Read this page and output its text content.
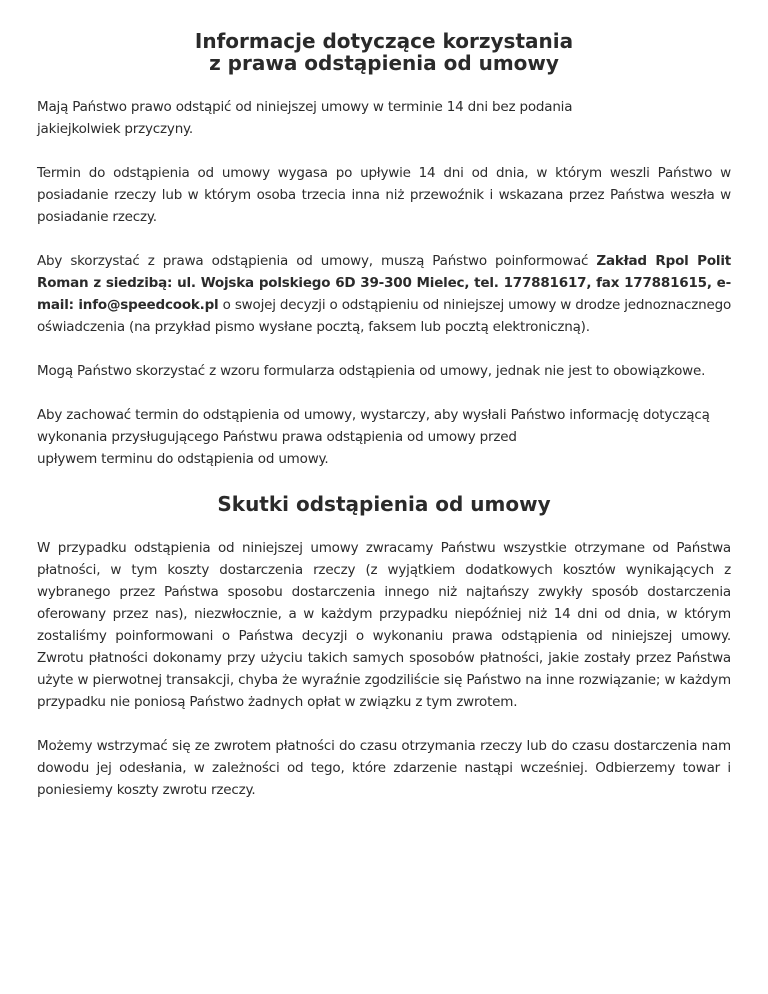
Informacje dotyczące korzystania
z prawa odstąpienia od umowy

Mają Państwo prawo odstąpić od niniejszej umowy w terminie 14 dni bez podania
jakiejkolwiek przyczyny.

Termin do odstąpienia od umowy wygasa po upływie 14 dni od dnia, w którym weszli Państwo w posiadanie rzeczy lub w którym osoba trzecia inna niż przewoźnik i wskazana przez Państwa weszła w posiadanie rzeczy.

Aby skorzystać z prawa odstąpienia od umowy, muszą Państwo poinformować Zakład Rpol Polit Roman z siedzibą: ul. Wojska polskiego 6D 39-300 Mielec, tel. 177881617, fax 177881615, e-mail: info@speedcook.pl o swojej decyzji o odstąpieniu od niniejszej umowy w drodze jednoznacznego oświadczenia (na przykład pismo wysłane pocztą, faksem lub pocztą elektroniczną).

Mogą Państwo skorzystać z wzoru formularza odstąpienia od umowy, jednak nie jest to obowiązkowe.

Aby zachować termin do odstąpienia od umowy, wystarczy, aby wysłali Państwo informację dotyczącą
wykonania przysługującego Państwu prawa odstąpienia od umowy przed
upływem terminu do odstąpienia od umowy.

Skutki odstąpienia od umowy

W przypadku odstąpienia od niniejszej umowy zwracamy Państwu wszystkie otrzymane od Państwa płatności, w tym koszty dostarczenia rzeczy (z wyjątkiem dodatkowych kosztów wynikających z wybranego przez Państwa sposobu dostarczenia innego niż najtańszy zwykły sposób dostarczenia oferowany przez nas), niezwłocznie, a w każdym przypadku niepóźniej niż 14 dni od dnia, w którym zostaliśmy poinformowani o Państwa decyzji o wykonaniu prawa odstąpienia od niniejszej umowy. Zwrotu płatności dokonamy przy użyciu takich samych sposobów płatności, jakie zostały przez Państwa użyte w pierwotnej transakcji, chyba że wyraźnie zgodziliście się Państwo na inne rozwiązanie; w każdym przypadku nie poniosą Państwo żadnych opłat w związku z tym zwrotem.

Możemy wstrzymać się ze zwrotem płatności do czasu otrzymania rzeczy lub do czasu dostarczenia nam dowodu jej odesłania, w zależności od tego, które zdarzenie nastąpi wcześniej. Odbierzemy towar i poniesiemy koszty zwrotu rzeczy.
